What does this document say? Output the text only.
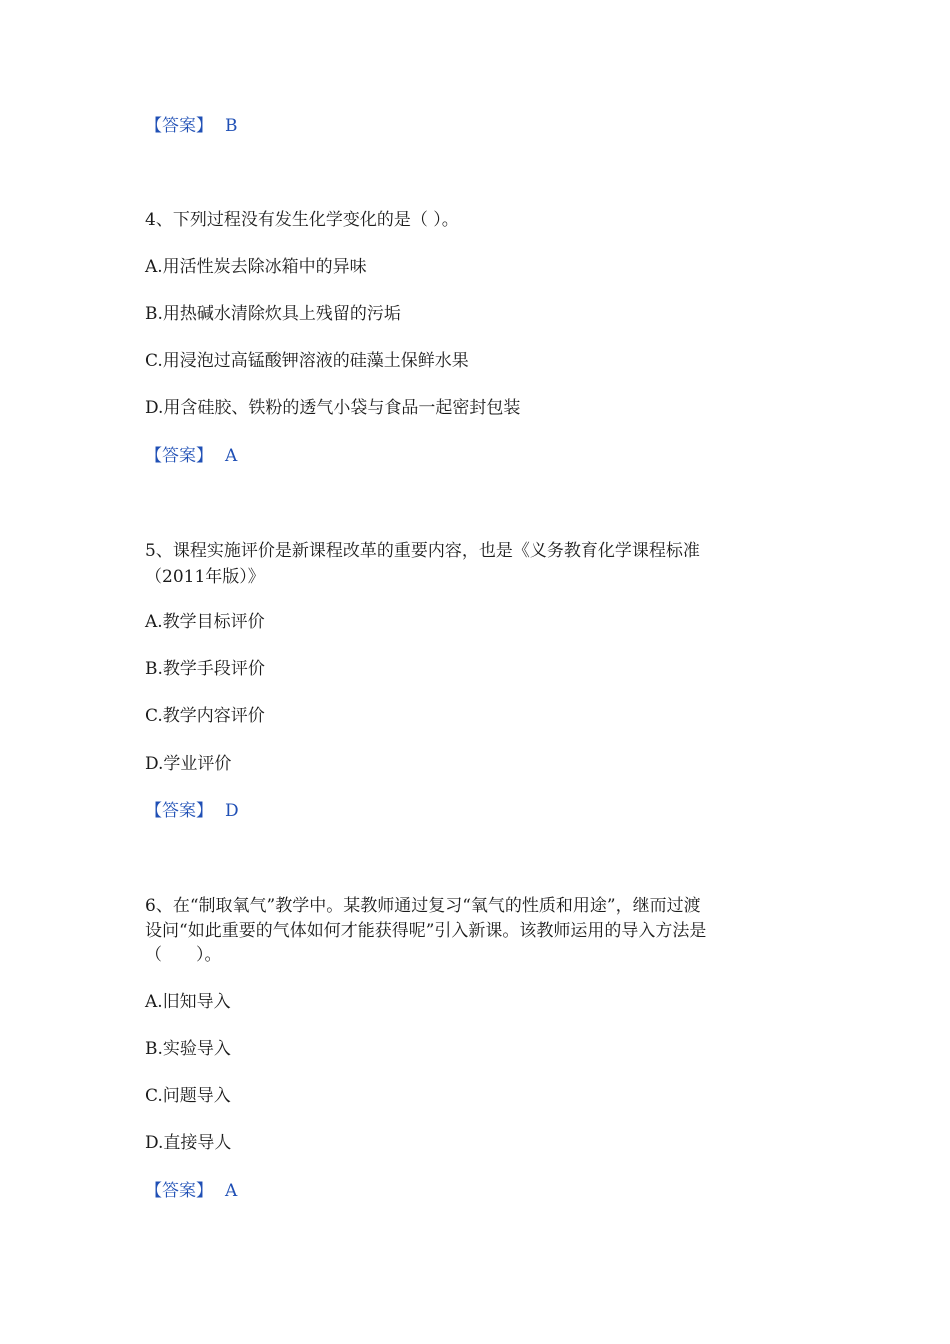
【答案】 B
4、下列过程没有发生化学变化的是（ ）。
A.用活性炭去除冰箱中的异味
B.用热碱水清除炊具上残留的污垢
C.用浸泡过高锰酸钾溶液的硅藻土保鲜水果
D.用含硅胶、铁粉的透气小袋与食品一起密封包装
【答案】 A
5、课程实施评价是新课程改革的重要内容，也是《义务教育化学课程标准
（2011年版）》
A.教学目标评价
B.教学手段评价
C.教学内容评价
D.学业评价
【答案】 D
6、在“制取氧气”教学中。某教师通过复习“氧气的性质和用途”，继而过渡
设问“如此重要的气体如何才能获得呢”引入新课。该教师运用的导入方法是
（　　）。
A.旧知导入
B.实验导入
C.问题导入
D.直接导人
【答案】 A
